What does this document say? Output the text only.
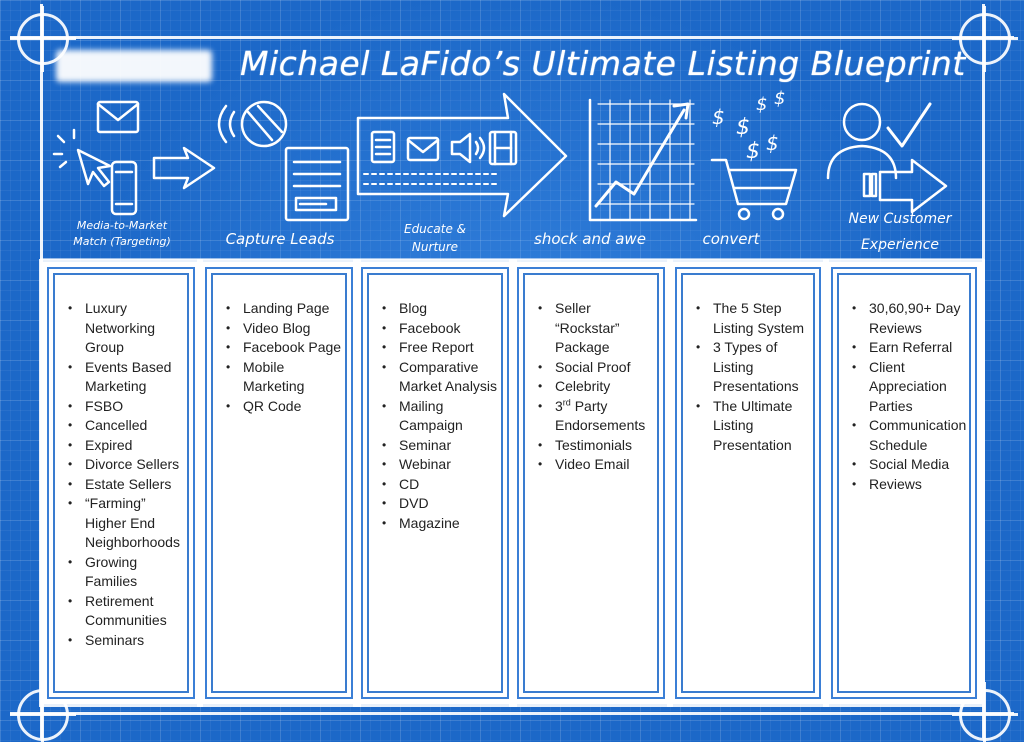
Michael LaFido’s Ultimate Listing Blueprint
$ $
$ $
$ $
Media-to-Market
Match (Targeting)	Capture Leads
Educate &
Nurture	shock and awe	convert
New Customer
Experience
• Luxury Networking Group
• Events Based Marketing
• FSBO
• Cancelled
• Expired
• Divorce Sellers
• Estate Sellers
• “Farming” Higher End Neighborhoods
• Growing Families
• Retirement Communities
• Seminars
• Landing Page
• Video Blog
• Facebook Page
• Mobile Marketing
• QR Code
• Blog
• Facebook
• Free Report
• Comparative Market Analysis
• Mailing Campaign
• Seminar
• Webinar
• CD
• DVD
• Magazine
• Seller “Rockstar” Package
• Social Proof
• Celebrity
• 3rd Party Endorsements
• Testimonials
• Video Email
• The 5 Step Listing System
• 3 Types of Listing Presentations
• The Ultimate Listing Presentation
• 30,60,90+ Day Reviews
• Earn Referral
• Client Appreciation Parties
• Communication Schedule
• Social Media
• Reviews
